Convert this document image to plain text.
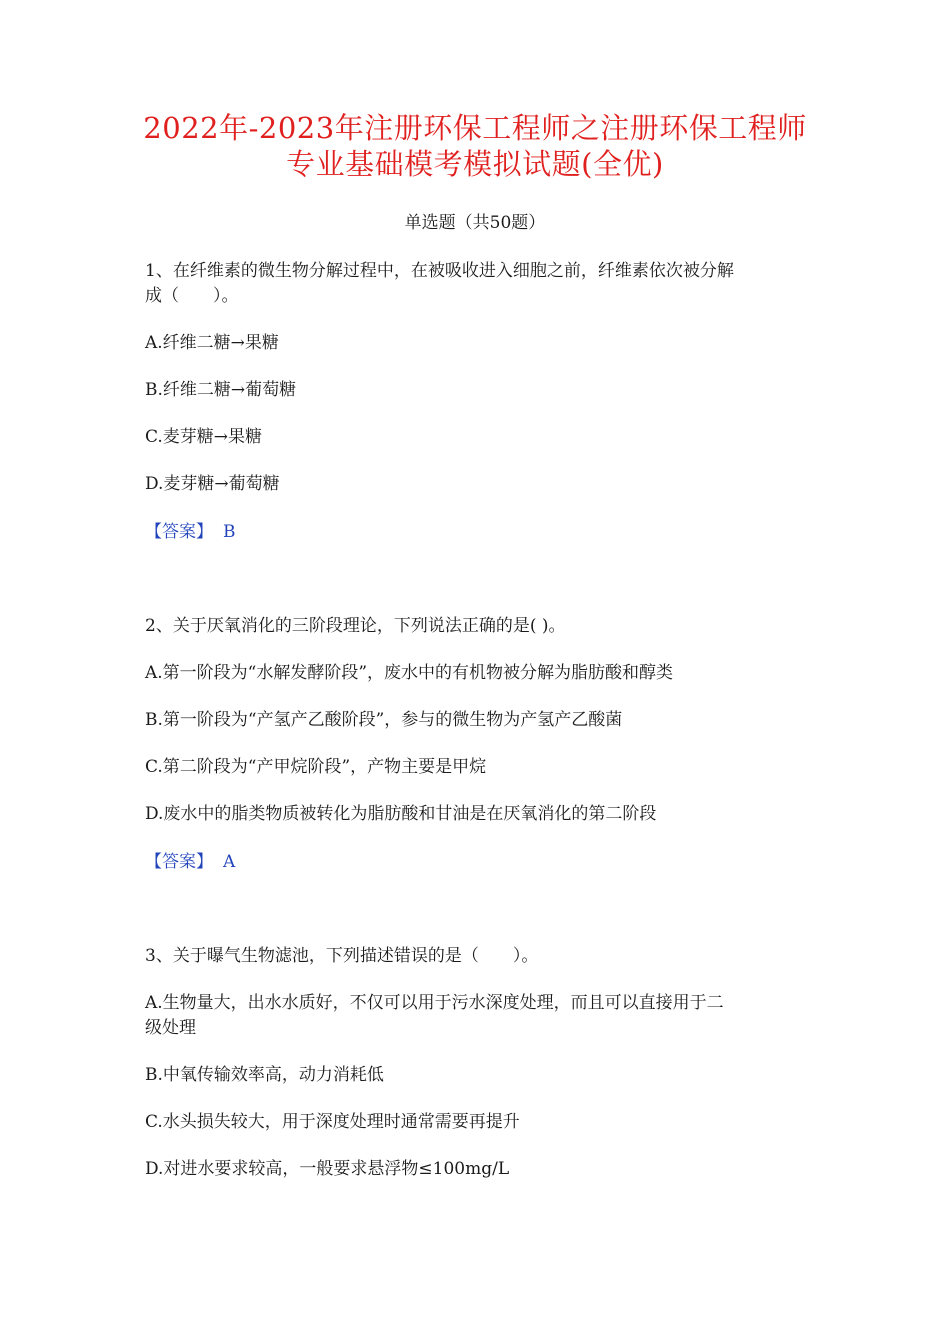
2022年-2023年注册环保工程师之注册环保工程师
专业基础模考模拟试题(全优)
单选题（共50题）
1、在纤维素的微生物分解过程中，在被吸收进入细胞之前，纤维素依次被分解
成（　　）。
A.纤维二糖→果糖
B.纤维二糖→葡萄糖
C.麦芽糖→果糖
D.麦芽糖→葡萄糖
【答案】 B
2、关于厌氧消化的三阶段理论，下列说法正确的是( )。
A.第一阶段为“水解发酵阶段”，废水中的有机物被分解为脂肪酸和醇类
B.第一阶段为“产氢产乙酸阶段”，参与的微生物为产氢产乙酸菌
C.第二阶段为“产甲烷阶段”，产物主要是甲烷
D.废水中的脂类物质被转化为脂肪酸和甘油是在厌氧消化的第二阶段
【答案】 A
3、关于曝气生物滤池，下列描述错误的是（　　）。
A.生物量大，出水水质好，不仅可以用于污水深度处理，而且可以直接用于二
级处理
B.中氧传输效率高，动力消耗低
C.水头损失较大，用于深度处理时通常需要再提升
D.对进水要求较高，一般要求悬浮物≤100mg/L
